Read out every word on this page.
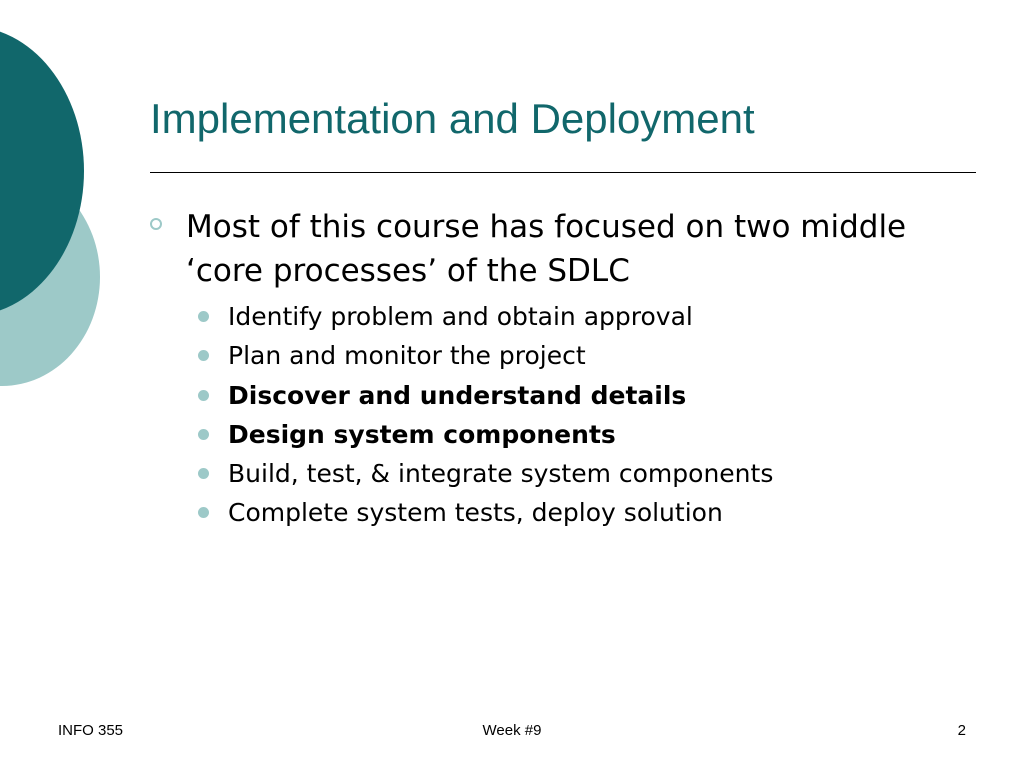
Implementation and Deployment
Most of this course has focused on two middle ‘core processes’ of the SDLC
Identify problem and obtain approval
Plan and monitor the project
Discover and understand details
Design system components
Build, test, & integrate system components
Complete system tests, deploy solution
INFO 355	Week #9	2
